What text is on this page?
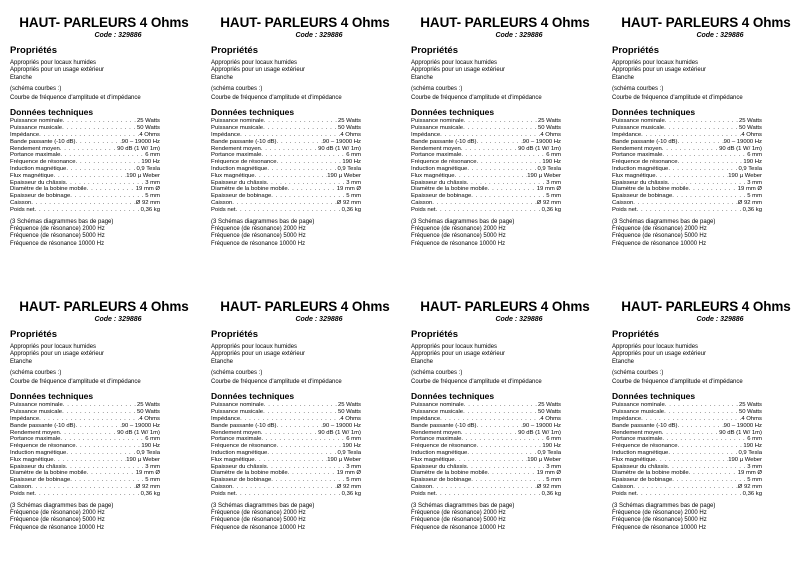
HAUT- PARLEURS 4 Ohms
Code : 329886
Propriétés
Appropriés pour locaux humides
Appropriés pour un usage extérieur
Etanche
(schéma courbes :)
Courbe de fréquence d'amplitude et d'impédance
Données techniques
Puissance nominale . . .	25 Watts
Puissance musicale . . .	50 Watts
Impédance . . .	4 Ohms
Bande passante (-10 dB) . . .	90 – 19000 Hz
Rendement moyen . . .	90 dB (1 W/ 1m)
Portance maximale . . .	6 mm
Fréquence de résonance . . .	190 Hz
Induction magnétique . . .	0,9 Tesla
Flux magnétique . . .	190 µ Weber
Epaisseur du châssis . . .	3 mm
Diamètre de la bobine mobile . . .	19 mm Ø
Epaisseur de bobinage . . .	5 mm
Caisson . . .	Ø 92 mm
Poids net . . .	0,36 kg
(3 Schémas diagrammes bas de page)
Fréquence (de résonance) 2000 Hz
Fréquence (de résonance) 5000 Hz
Fréquence de résonance 10000 Hz
HAUT- PARLEURS 4 Ohms
Code : 329886
Propriétés
Appropriés pour locaux humides
Appropriés pour un usage extérieur
Etanche
(schéma courbes :)
Courbe de fréquence d'amplitude et d'impédance
Données techniques
Puissance nominale . . .	25 Watts
Puissance musicale . . .	50 Watts
Impédance . . .	4 Ohms
Bande passante (-10 dB) . . .	90 – 19000 Hz
Rendement moyen . . .	90 dB (1 W/ 1m)
Portance maximale . . .	6 mm
Fréquence de résonance . . .	190 Hz
Induction magnétique . . .	0,9 Tesla
Flux magnétique . . .	190 µ Weber
Epaisseur du châssis . . .	3 mm
Diamètre de la bobine mobile . . .	19 mm Ø
Epaisseur de bobinage . . .	5 mm
Caisson . . .	Ø 92 mm
Poids net . . .	0,36 kg
(3 Schémas diagrammes bas de page)
Fréquence (de résonance) 2000 Hz
Fréquence (de résonance) 5000 Hz
Fréquence de résonance 10000 Hz
HAUT- PARLEURS 4 Ohms
Code : 329886
Propriétés
Appropriés pour locaux humides
Appropriés pour un usage extérieur
Etanche
(schéma courbes :)
Courbe de fréquence d'amplitude et d'impédance
Données techniques
Puissance nominale . . .	25 Watts
Puissance musicale . . .	50 Watts
Impédance . . .	4 Ohms
Bande passante (-10 dB) . . .	90 – 19000 Hz
Rendement moyen . . .	90 dB (1 W/ 1m)
Portance maximale . . .	6 mm
Fréquence de résonance . . .	190 Hz
Induction magnétique . . .	0,9 Tesla
Flux magnétique . . .	190 µ Weber
Epaisseur du châssis . . .	3 mm
Diamètre de la bobine mobile . . .	19 mm Ø
Epaisseur de bobinage . . .	5 mm
Caisson . . .	Ø 92 mm
Poids net . . .	0,36 kg
(3 Schémas diagrammes bas de page)
Fréquence (de résonance) 2000 Hz
Fréquence (de résonance) 5000 Hz
Fréquence de résonance 10000 Hz
HAUT- PARLEURS 4 Ohms
Code : 329886
Propriétés
Appropriés pour locaux humides
Appropriés pour un usage extérieur
Etanche
(schéma courbes :)
Courbe de fréquence d'amplitude et d'impédance
Données techniques
Puissance nominale . . .	25 Watts
Puissance musicale . . .	50 Watts
Impédance . . .	4 Ohms
Bande passante (-10 dB) . . .	90 – 19000 Hz
Rendement moyen . . .	90 dB (1 W/ 1m)
Portance maximale . . .	6 mm
Fréquence de résonance . . .	190 Hz
Induction magnétique . . .	0,9 Tesla
Flux magnétique . . .	190 µ Weber
Epaisseur du châssis . . .	3 mm
Diamètre de la bobine mobile . . .	19 mm Ø
Epaisseur de bobinage . . .	5 mm
Caisson . . .	Ø 92 mm
Poids net . . .	0,36 kg
(3 Schémas diagrammes bas de page)
Fréquence (de résonance) 2000 Hz
Fréquence (de résonance) 5000 Hz
Fréquence de résonance 10000 Hz
HAUT- PARLEURS 4 Ohms
Code : 329886
Propriétés
Appropriés pour locaux humides
Appropriés pour un usage extérieur
Etanche
(schéma courbes :)
Courbe de fréquence d'amplitude et d'impédance
Données techniques
Puissance nominale . . .	25 Watts
Puissance musicale . . .	50 Watts
Impédance . . .	4 Ohms
Bande passante (-10 dB) . . .	90 – 19000 Hz
Rendement moyen . . .	90 dB (1 W/ 1m)
Portance maximale . . .	6 mm
Fréquence de résonance . . .	190 Hz
Induction magnétique . . .	0,9 Tesla
Flux magnétique . . .	190 µ Weber
Epaisseur du châssis . . .	3 mm
Diamètre de la bobine mobile . . .	19 mm Ø
Epaisseur de bobinage . . .	5 mm
Caisson . . .	Ø 92 mm
Poids net . . .	0,36 kg
(3 Schémas diagrammes bas de page)
Fréquence (de résonance) 2000 Hz
Fréquence (de résonance) 5000 Hz
Fréquence de résonance 10000 Hz
HAUT- PARLEURS 4 Ohms
Code : 329886
Propriétés
Appropriés pour locaux humides
Appropriés pour un usage extérieur
Etanche
(schéma courbes :)
Courbe de fréquence d'amplitude et d'impédance
Données techniques
Puissance nominale . . .	25 Watts
Puissance musicale . . .	50 Watts
Impédance . . .	4 Ohms
Bande passante (-10 dB) . . .	90 – 19000 Hz
Rendement moyen . . .	90 dB (1 W/ 1m)
Portance maximale . . .	6 mm
Fréquence de résonance . . .	190 Hz
Induction magnétique . . .	0,9 Tesla
Flux magnétique . . .	190 µ Weber
Epaisseur du châssis . . .	3 mm
Diamètre de la bobine mobile . . .	19 mm Ø
Epaisseur de bobinage . . .	5 mm
Caisson . . .	Ø 92 mm
Poids net . . .	0,36 kg
(3 Schémas diagrammes bas de page)
Fréquence (de résonance) 2000 Hz
Fréquence (de résonance) 5000 Hz
Fréquence de résonance 10000 Hz
HAUT- PARLEURS 4 Ohms
Code : 329886
Propriétés
Appropriés pour locaux humides
Appropriés pour un usage extérieur
Etanche
(schéma courbes :)
Courbe de fréquence d'amplitude et d'impédance
Données techniques
Puissance nominale . . .	25 Watts
Puissance musicale . . .	50 Watts
Impédance . . .	4 Ohms
Bande passante (-10 dB) . . .	90 – 19000 Hz
Rendement moyen . . .	90 dB (1 W/ 1m)
Portance maximale . . .	6 mm
Fréquence de résonance . . .	190 Hz
Induction magnétique . . .	0,9 Tesla
Flux magnétique . . .	190 µ Weber
Epaisseur du châssis . . .	3 mm
Diamètre de la bobine mobile . . .	19 mm Ø
Epaisseur de bobinage . . .	5 mm
Caisson . . .	Ø 92 mm
Poids net . . .	0,36 kg
(3 Schémas diagrammes bas de page)
Fréquence (de résonance) 2000 Hz
Fréquence (de résonance) 5000 Hz
Fréquence de résonance 10000 Hz
HAUT- PARLEURS 4 Ohms
Code : 329886
Propriétés
Appropriés pour locaux humides
Appropriés pour un usage extérieur
Etanche
(schéma courbes :)
Courbe de fréquence d'amplitude et d'impédance
Données techniques
Puissance nominale . . .	25 Watts
Puissance musicale . . .	50 Watts
Impédance . . .	4 Ohms
Bande passante (-10 dB) . . .	90 – 19000 Hz
Rendement moyen . . .	90 dB (1 W/ 1m)
Portance maximale . . .	6 mm
Fréquence de résonance . . .	190 Hz
Induction magnétique . . .	0,9 Tesla
Flux magnétique . . .	190 µ Weber
Epaisseur du châssis . . .	3 mm
Diamètre de la bobine mobile . . .	19 mm Ø
Epaisseur de bobinage . . .	5 mm
Caisson . . .	Ø 92 mm
Poids net . . .	0,36 kg
(3 Schémas diagrammes bas de page)
Fréquence (de résonance) 2000 Hz
Fréquence (de résonance) 5000 Hz
Fréquence de résonance 10000 Hz
